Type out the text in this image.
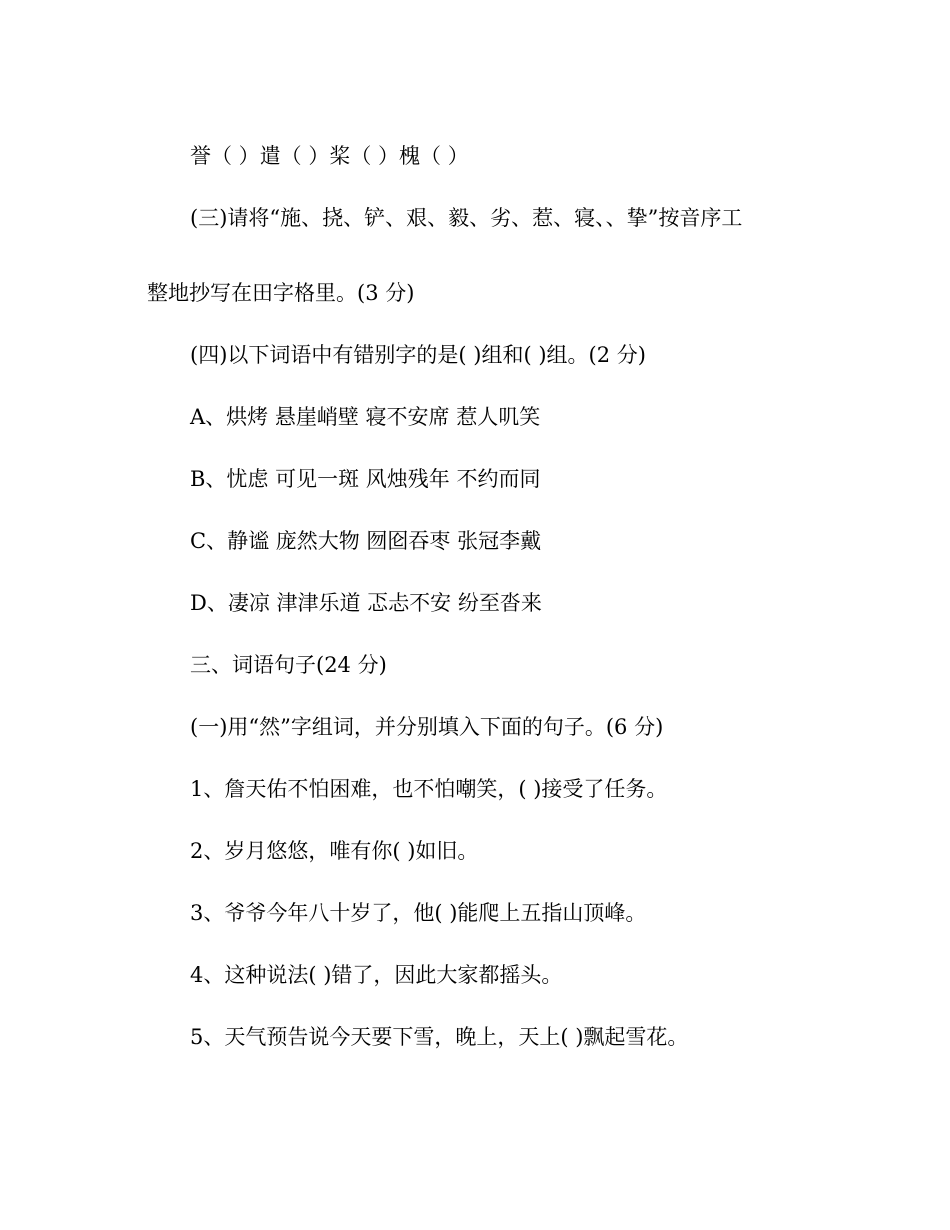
誉（ ）遣（ ）桨（ ）槐（ ）
(三)请将“施、挠、铲、艰、毅、劣、惹、寝、、挚”按音序工
整地抄写在田字格里。(3 分)
(四)以下词语中有错别字的是( )组和( )组。(2 分)
A、烘烤 悬崖峭壁 寝不安席 惹人叽笑
B、忧虑 可见一斑 风烛残年 不约而同
C、静谧 庞然大物 囫囵吞枣 张冠李戴
D、凄凉 津津乐道 忑忐不安 纷至沓来
三、词语句子(24 分)
(一)用“然”字组词，并分别填入下面的句子。(6 分)
1、詹天佑不怕困难，也不怕嘲笑，( )接受了任务。
2、岁月悠悠，唯有你( )如旧。
3、爷爷今年八十岁了，他( )能爬上五指山顶峰。
4、这种说法( )错了，因此大家都摇头。
5、天气预告说今天要下雪，晚上，天上( )飘起雪花。
